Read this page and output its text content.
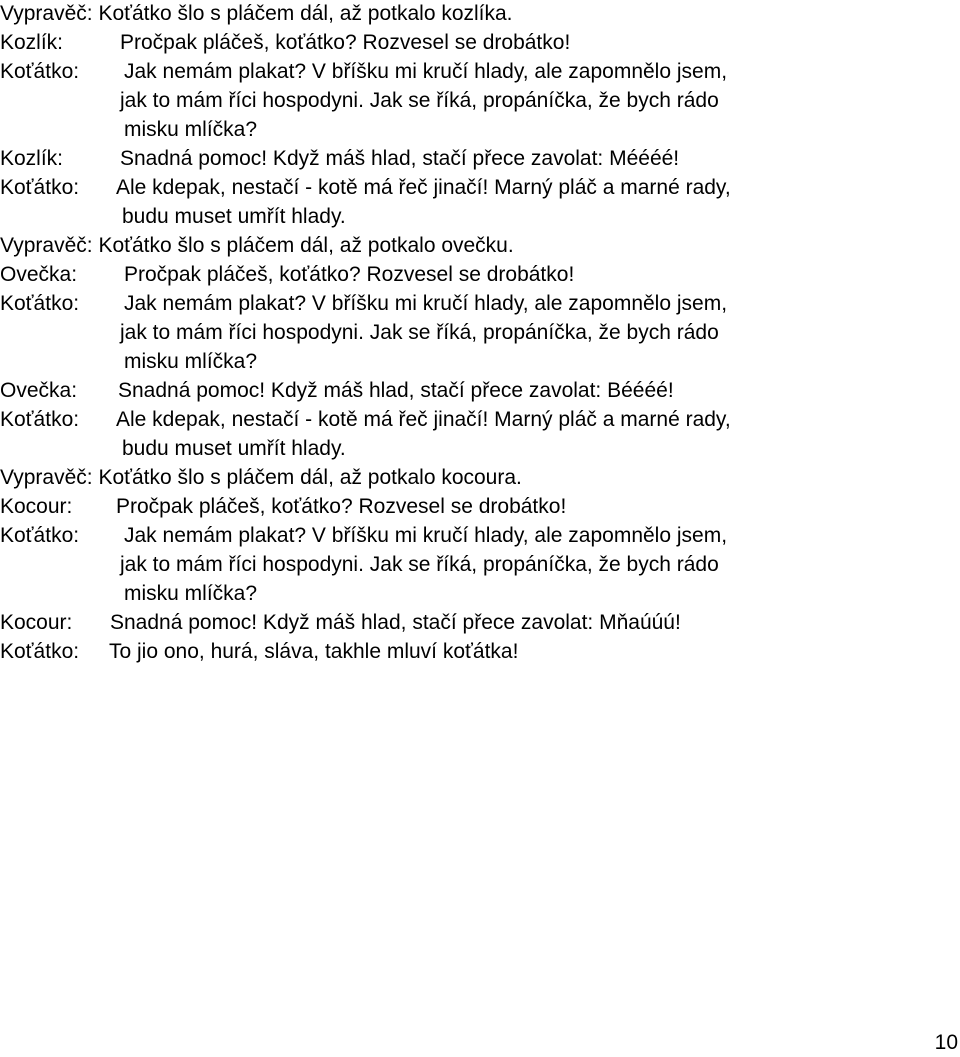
Vypravěč: Koťátko šlo s pláčem dál, až potkalo kozlíka.
Kozlík:	Pročpak pláčeš, koťátko? Rozvesel se drobátko!
Koťátko: Jak nemám plakat? V bříšku mi kručí hlady, ale zapomnělo jsem,
jak to mám říci hospodyni. Jak se říká, propáníčka, že bych rádo
misku mlíčka?
Kozlík:	Snadná pomoc! Když máš hlad, stačí přece zavolat: Méééé!
Koťátko: Ale kdepak, nestačí - kotě má řeč jinačí! Marný pláč a marné rady,
budu muset umřít hlady.
Vypravěč: Koťátko šlo s pláčem dál, až potkalo ovečku.
Ovečka: Pročpak pláčeš, koťátko? Rozvesel se drobátko!
Koťátko: Jak nemám plakat? V bříšku mi kručí hlady, ale zapomnělo jsem,
jak to mám říci hospodyni. Jak se říká, propáníčka, že bych rádo
misku mlíčka?
Ovečka: Snadná pomoc! Když máš hlad, stačí přece zavolat: Béééé!
Koťátko: Ale kdepak, nestačí - kotě má řeč jinačí! Marný pláč a marné rady,
budu muset umřít hlady.
Vypravěč: Koťátko šlo s pláčem dál, až potkalo kocoura.
Kocour: Pročpak pláčeš, koťátko? Rozvesel se drobátko!
Koťátko: Jak nemám plakat? V bříšku mi kručí hlady, ale zapomnělo jsem,
jak to mám říci hospodyni. Jak se říká, propáníčka, že bych rádo
misku mlíčka?
Kocour: Snadná pomoc! Když máš hlad, stačí přece zavolat: Mňaúúú!
Koťátko: To jio ono, hurá, sláva, takhle mluví koťátka!
10
